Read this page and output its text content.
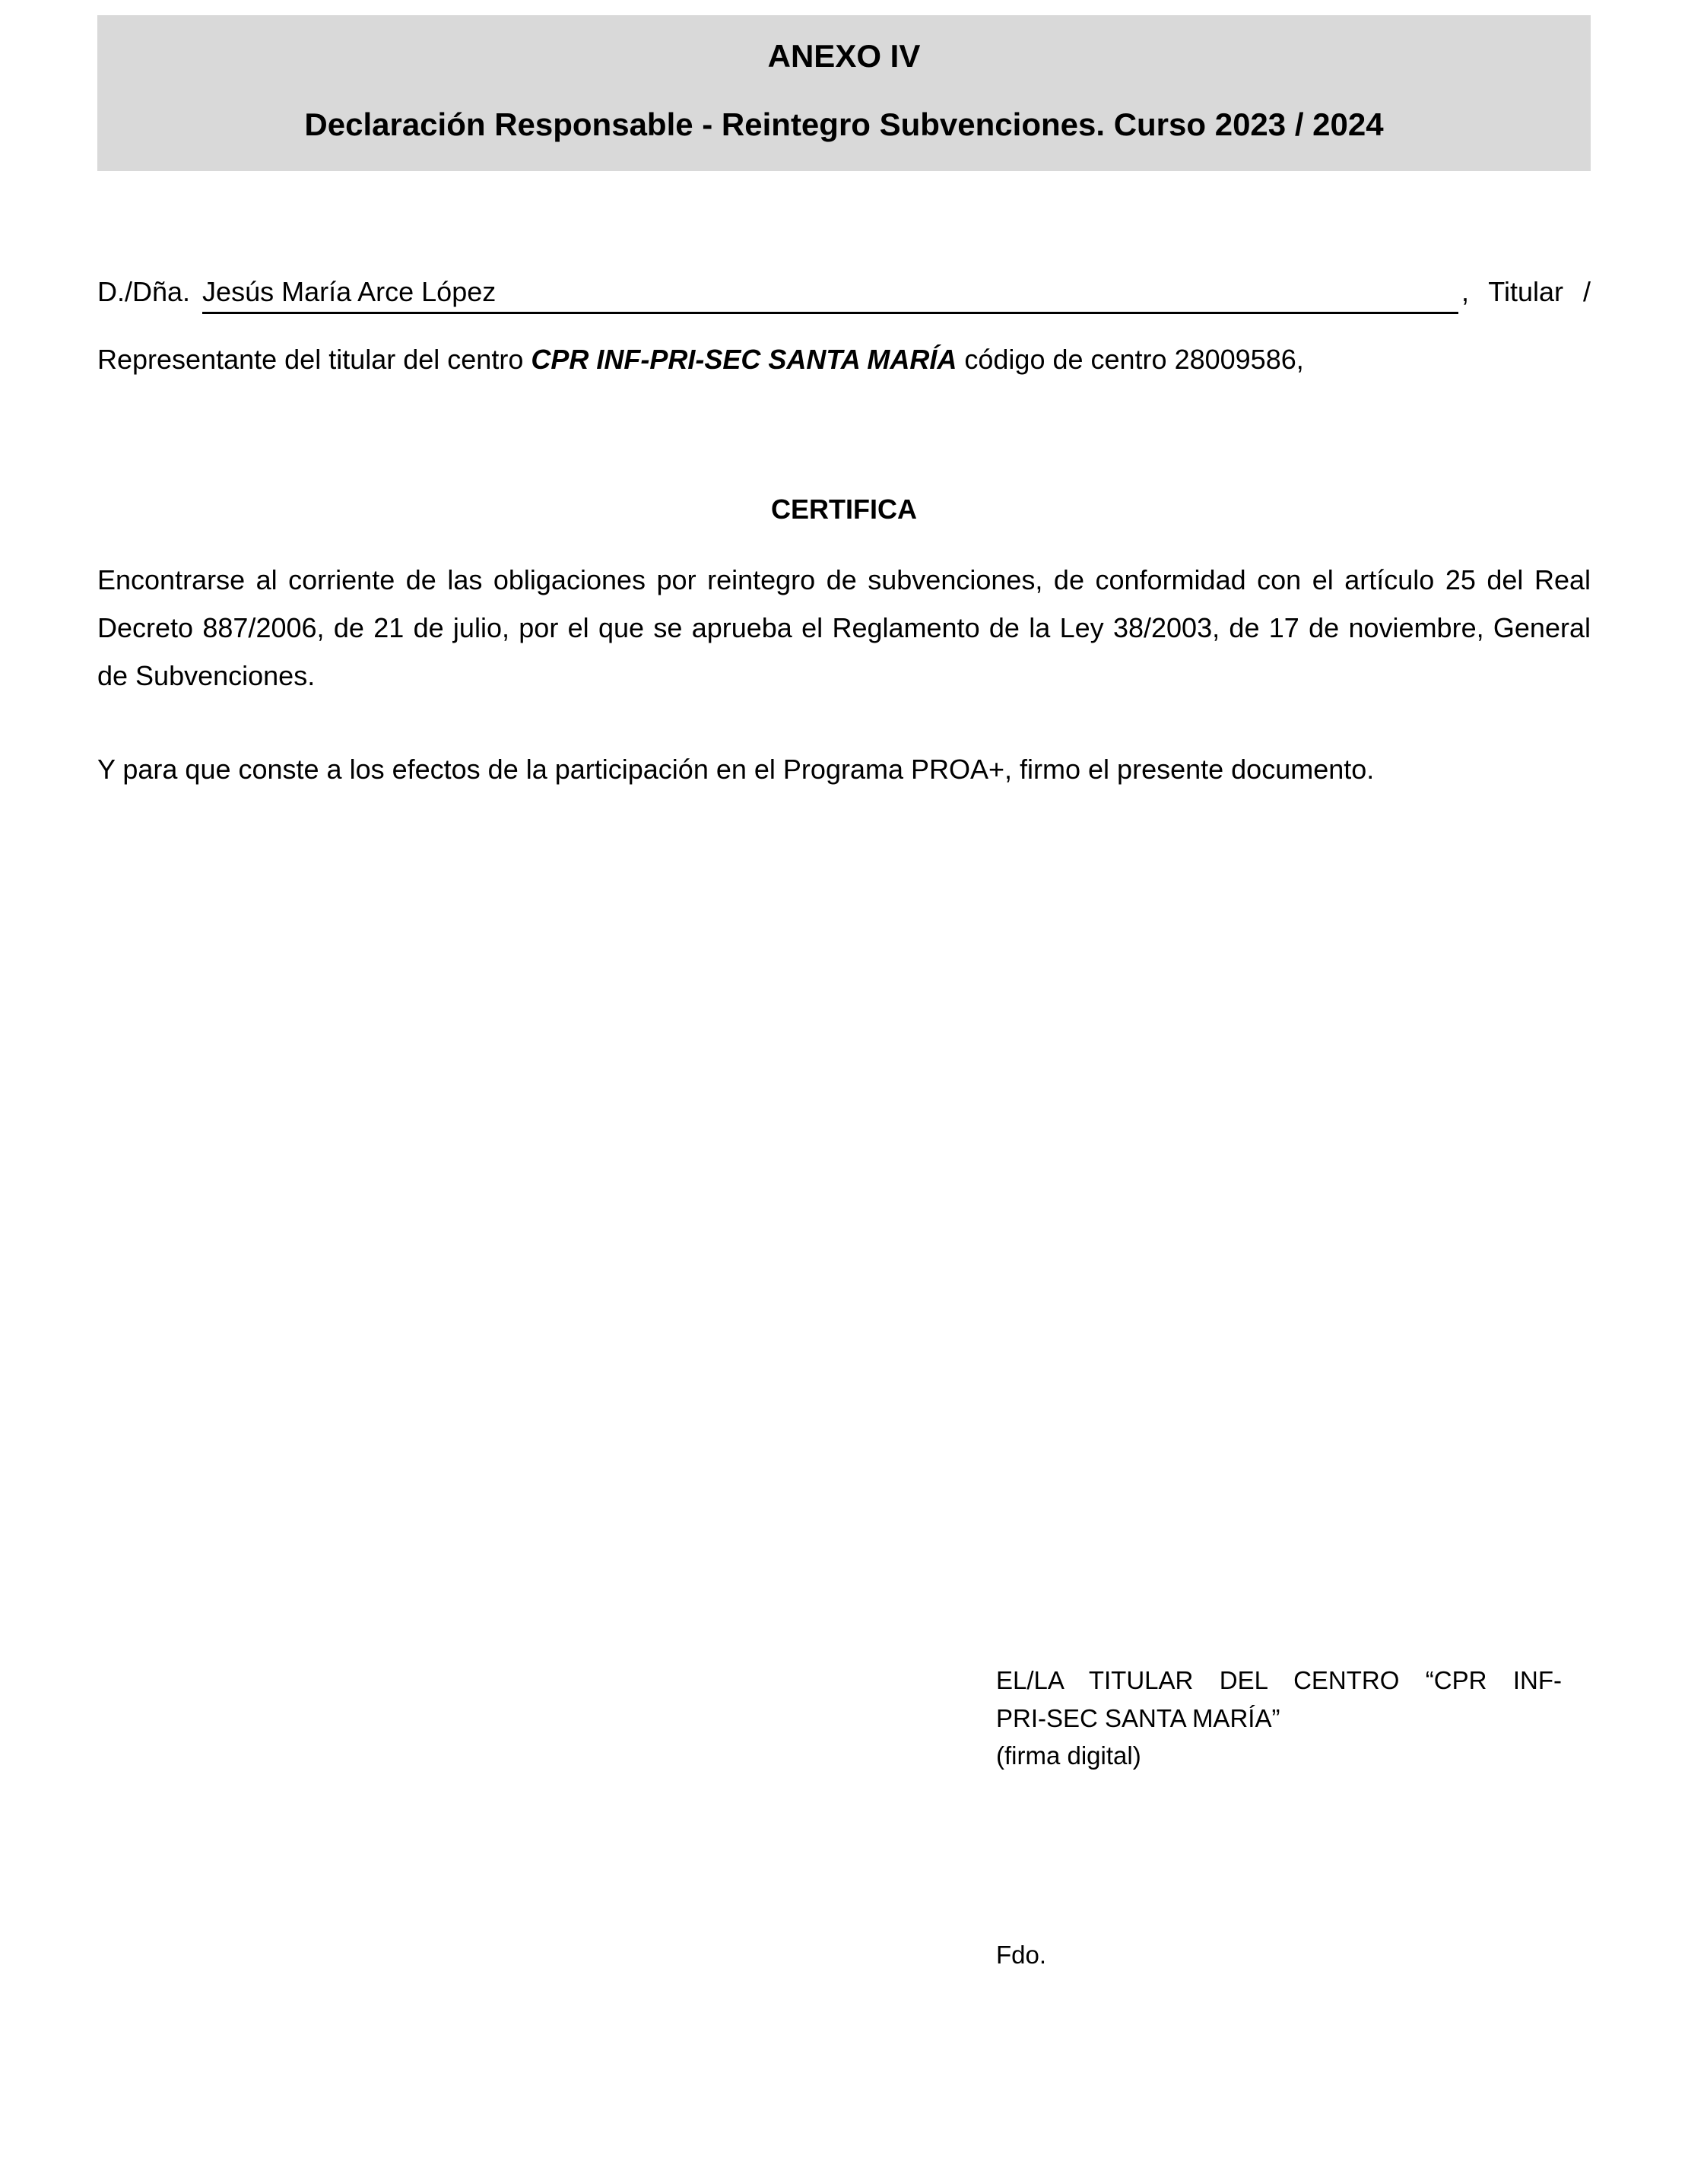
ANEXO IV
Declaración Responsable - Reintegro Subvenciones. Curso 2023 / 2024

D./Dña. Jesús María Arce López	, Titular /

Representante del titular del centro CPR INF-PRI-SEC SANTA MARÍA código de centro 28009586,

CERTIFICA

Encontrarse al corriente de las obligaciones por reintegro de subvenciones, de conformidad con el artículo 25 del Real Decreto 887/2006, de 21 de julio, por el que se aprueba el Reglamento de la Ley 38/2003, de 17 de noviembre, General de Subvenciones.

Y para que conste a los efectos de la participación en el Programa PROA+, firmo el presente documento.

EL/LA TITULAR DEL CENTRO “CPR INF-
PRI-SEC SANTA MARÍA”
(firma digital)
Fdo.
